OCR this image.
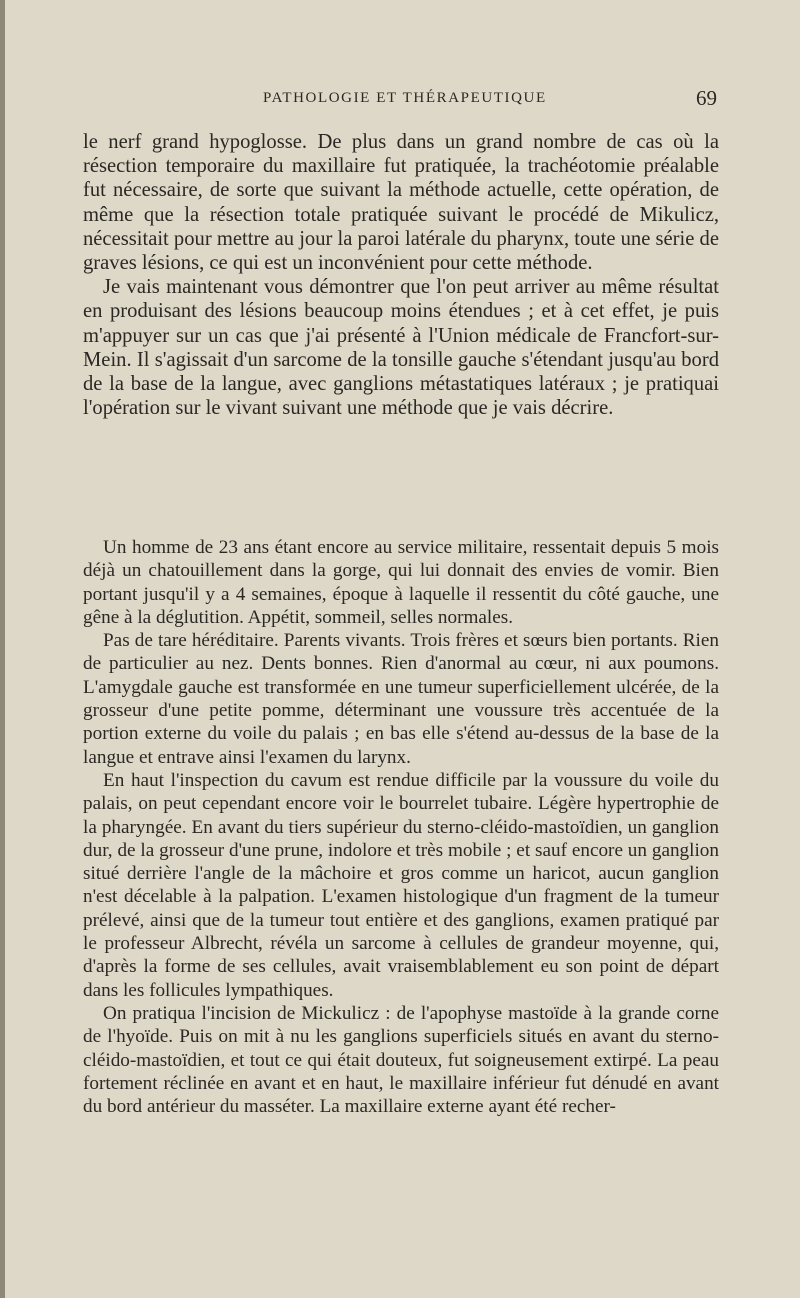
PATHOLOGIE ET THÉRAPEUTIQUE	69

le nerf grand hypoglosse. De plus dans un grand nombre de cas où la résection temporaire du maxillaire fut pratiquée, la trachéotomie préalable fut nécessaire, de sorte que suivant la méthode actuelle, cette opération, de même que la résection totale pratiquée suivant le procédé de Mikulicz, nécessitait pour mettre au jour la paroi latérale du pharynx, toute une série de graves lésions, ce qui est un inconvénient pour cette méthode.

Je vais maintenant vous démontrer que l'on peut arriver au même résultat en produisant des lésions beaucoup moins étendues ; et à cet effet, je puis m'appuyer sur un cas que j'ai présenté à l'Union médicale de Francfort-sur-Mein. Il s'agissait d'un sarcome de la tonsille gauche s'étendant jusqu'au bord de la base de la langue, avec ganglions métastatiques latéraux ; je pratiquai l'opération sur le vivant suivant une méthode que je vais décrire.

Un homme de 23 ans étant encore au service militaire, ressentait depuis 5 mois déjà un chatouillement dans la gorge, qui lui donnait des envies de vomir. Bien portant jusqu'il y a 4 semaines, époque à laquelle il ressentit du côté gauche, une gêne à la déglutition. Appétit, sommeil, selles normales.

Pas de tare héréditaire. Parents vivants. Trois frères et sœurs bien portants. Rien de particulier au nez. Dents bonnes. Rien d'anormal au cœur, ni aux poumons. L'amygdale gauche est transformée en une tumeur superficiellement ulcérée, de la grosseur d'une petite pomme, déterminant une voussure très accentuée de la portion externe du voile du palais ; en bas elle s'étend au-dessus de la base de la langue et entrave ainsi l'examen du larynx.

En haut l'inspection du cavum est rendue difficile par la voussure du voile du palais, on peut cependant encore voir le bourrelet tubaire. Légère hypertrophie de la pharyngée. En avant du tiers supérieur du sterno-cléido-mastoïdien, un ganglion dur, de la grosseur d'une prune, indolore et très mobile ; et sauf encore un ganglion situé derrière l'angle de la mâchoire et gros comme un haricot, aucun ganglion n'est décelable à la palpation. L'examen histologique d'un fragment de la tumeur prélevé, ainsi que de la tumeur tout entière et des ganglions, examen pratiqué par le professeur Albrecht, révéla un sarcome à cellules de grandeur moyenne, qui, d'après la forme de ses cellules, avait vraisemblablement eu son point de départ dans les follicules lympathiques.

On pratiqua l'incision de Mickulicz : de l'apophyse mastoïde à la grande corne de l'hyoïde. Puis on mit à nu les ganglions superficiels situés en avant du sterno-cléido-mastoïdien, et tout ce qui était douteux, fut soigneusement extirpé. La peau fortement réclinée en avant et en haut, le maxillaire inférieur fut dénudé en avant du bord antérieur du masséter. La maxillaire externe ayant été recher-
